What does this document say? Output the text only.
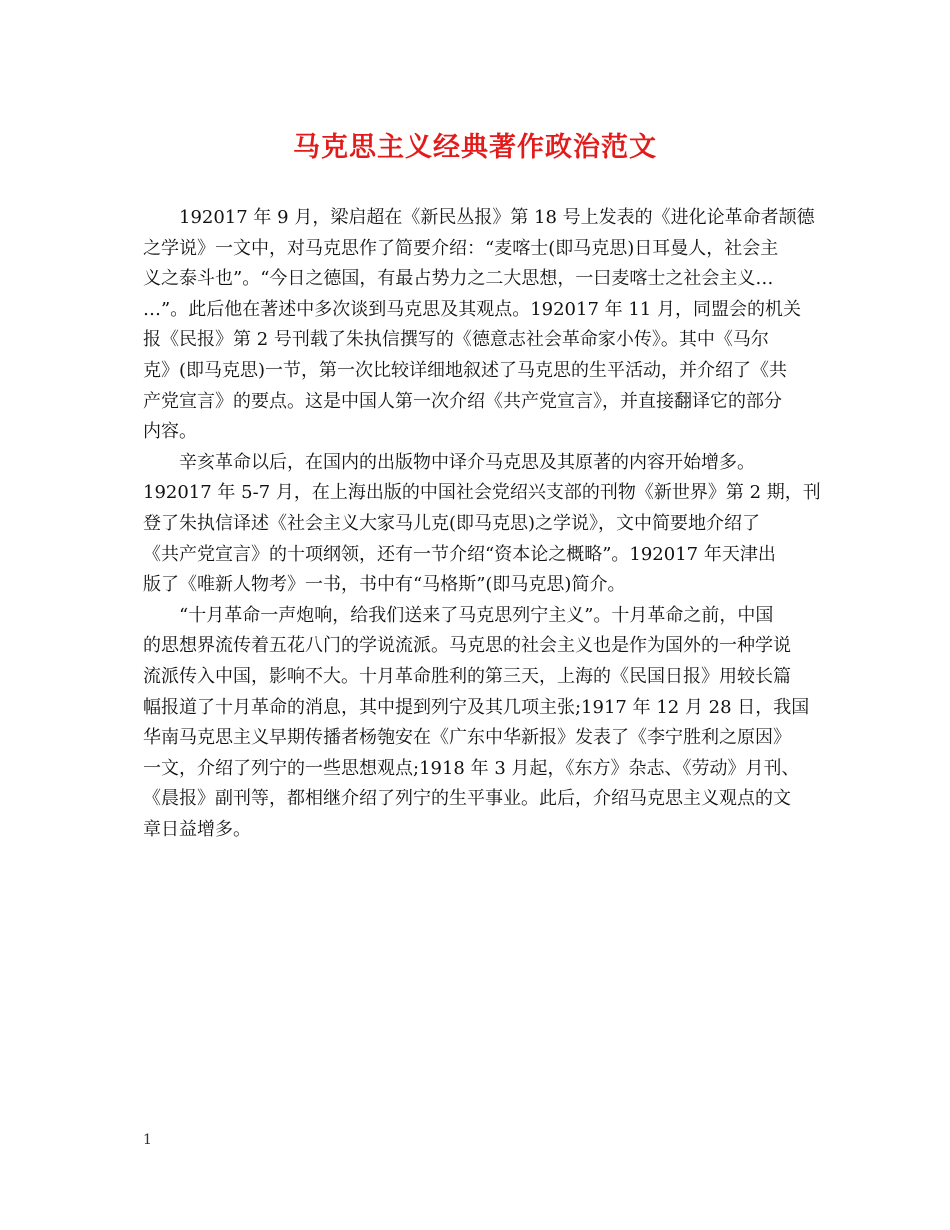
马克思主义经典著作政治范文
192017 年 9 月，梁启超在《新民丛报》第 18 号上发表的《进化论革命者颉德
之学说》一文中，对马克思作了简要介绍：“麦喀士(即马克思)日耳曼人，社会主
义之泰斗也”。“今日之德国，有最占势力之二大思想，一曰麦喀士之社会主义…
…”。此后他在著述中多次谈到马克思及其观点。192017 年 11 月，同盟会的机关
报《民报》第 2 号刊载了朱执信撰写的《德意志社会革命家小传》。其中《马尔
克》(即马克思)一节，第一次比较详细地叙述了马克思的生平活动，并介绍了《共
产党宣言》的要点。这是中国人第一次介绍《共产党宣言》，并直接翻译它的部分
内容。
辛亥革命以后，在国内的出版物中译介马克思及其原著的内容开始增多。
192017 年 5-7 月，在上海出版的中国社会党绍兴支部的刊物《新世界》第 2 期，刊
登了朱执信译述《社会主义大家马儿克(即马克思)之学说》，文中简要地介绍了
《共产党宣言》的十项纲领，还有一节介绍“资本论之概略”。192017 年天津出
版了《唯新人物考》一书，书中有“马格斯”(即马克思)简介。
“十月革命一声炮响，给我们送来了马克思列宁主义”。十月革命之前，中国
的思想界流传着五花八门的学说流派。马克思的社会主义也是作为国外的一种学说
流派传入中国，影响不大。十月革命胜利的第三天，上海的《民国日报》用较长篇
幅报道了十月革命的消息，其中提到列宁及其几项主张;1917 年 12 月 28 日，我国
华南马克思主义早期传播者杨匏安在《广东中华新报》发表了《李宁胜利之原因》
一文，介绍了列宁的一些思想观点;1918 年 3 月起，《东方》杂志、《劳动》月刊、
《晨报》副刊等，都相继介绍了列宁的生平事业。此后，介绍马克思主义观点的文
章日益增多。
1
